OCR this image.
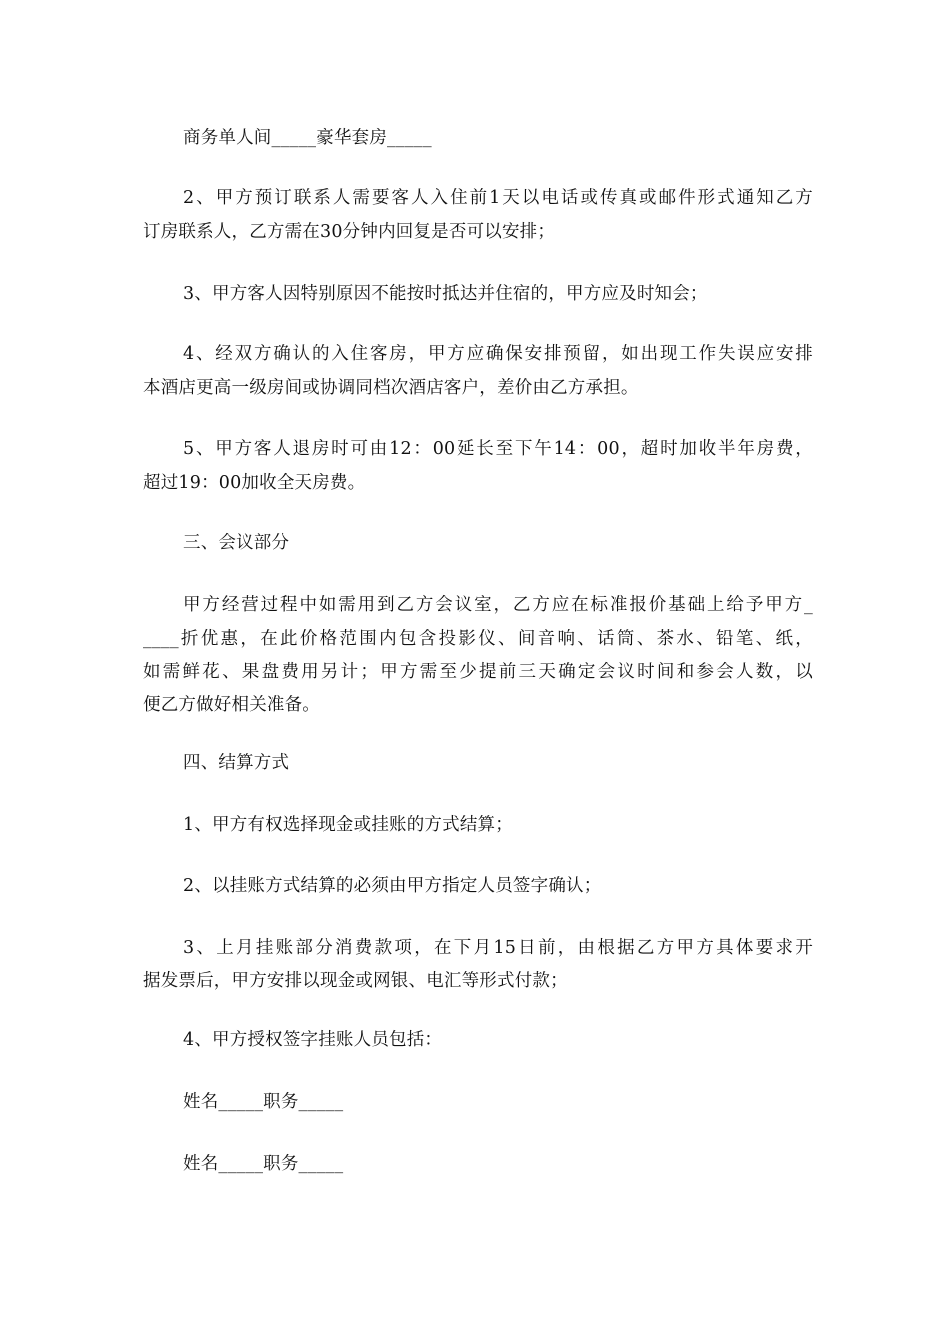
商务单人间_____豪华套房_____
2、甲方预订联系人需要客人入住前1天以电话或传真或邮件形式通知乙方
订房联系人，乙方需在30分钟内回复是否可以安排；
3、甲方客人因特别原因不能按时抵达并住宿的，甲方应及时知会；
4、经双方确认的入住客房，甲方应确保安排预留，如出现工作失误应安排
本酒店更高一级房间或协调同档次酒店客户，差价由乙方承担。
5、甲方客人退房时可由12：00延长至下午14：00，超时加收半年房费，
超过19：00加收全天房费。
三、会议部分
甲方经营过程中如需用到乙方会议室，乙方应在标准报价基础上给予甲方_
____折优惠，在此价格范围内包含投影仪、间音响、话筒、茶水、铅笔、纸，
如需鲜花、果盘费用另计；甲方需至少提前三天确定会议时间和参会人数，以
便乙方做好相关准备。
四、结算方式
1、甲方有权选择现金或挂账的方式结算；
2、以挂账方式结算的必须由甲方指定人员签字确认；
3、上月挂账部分消费款项，在下月15日前，由根据乙方甲方具体要求开
据发票后，甲方安排以现金或网银、电汇等形式付款；
4、甲方授权签字挂账人员包括：
姓名_____职务_____
姓名_____职务_____
